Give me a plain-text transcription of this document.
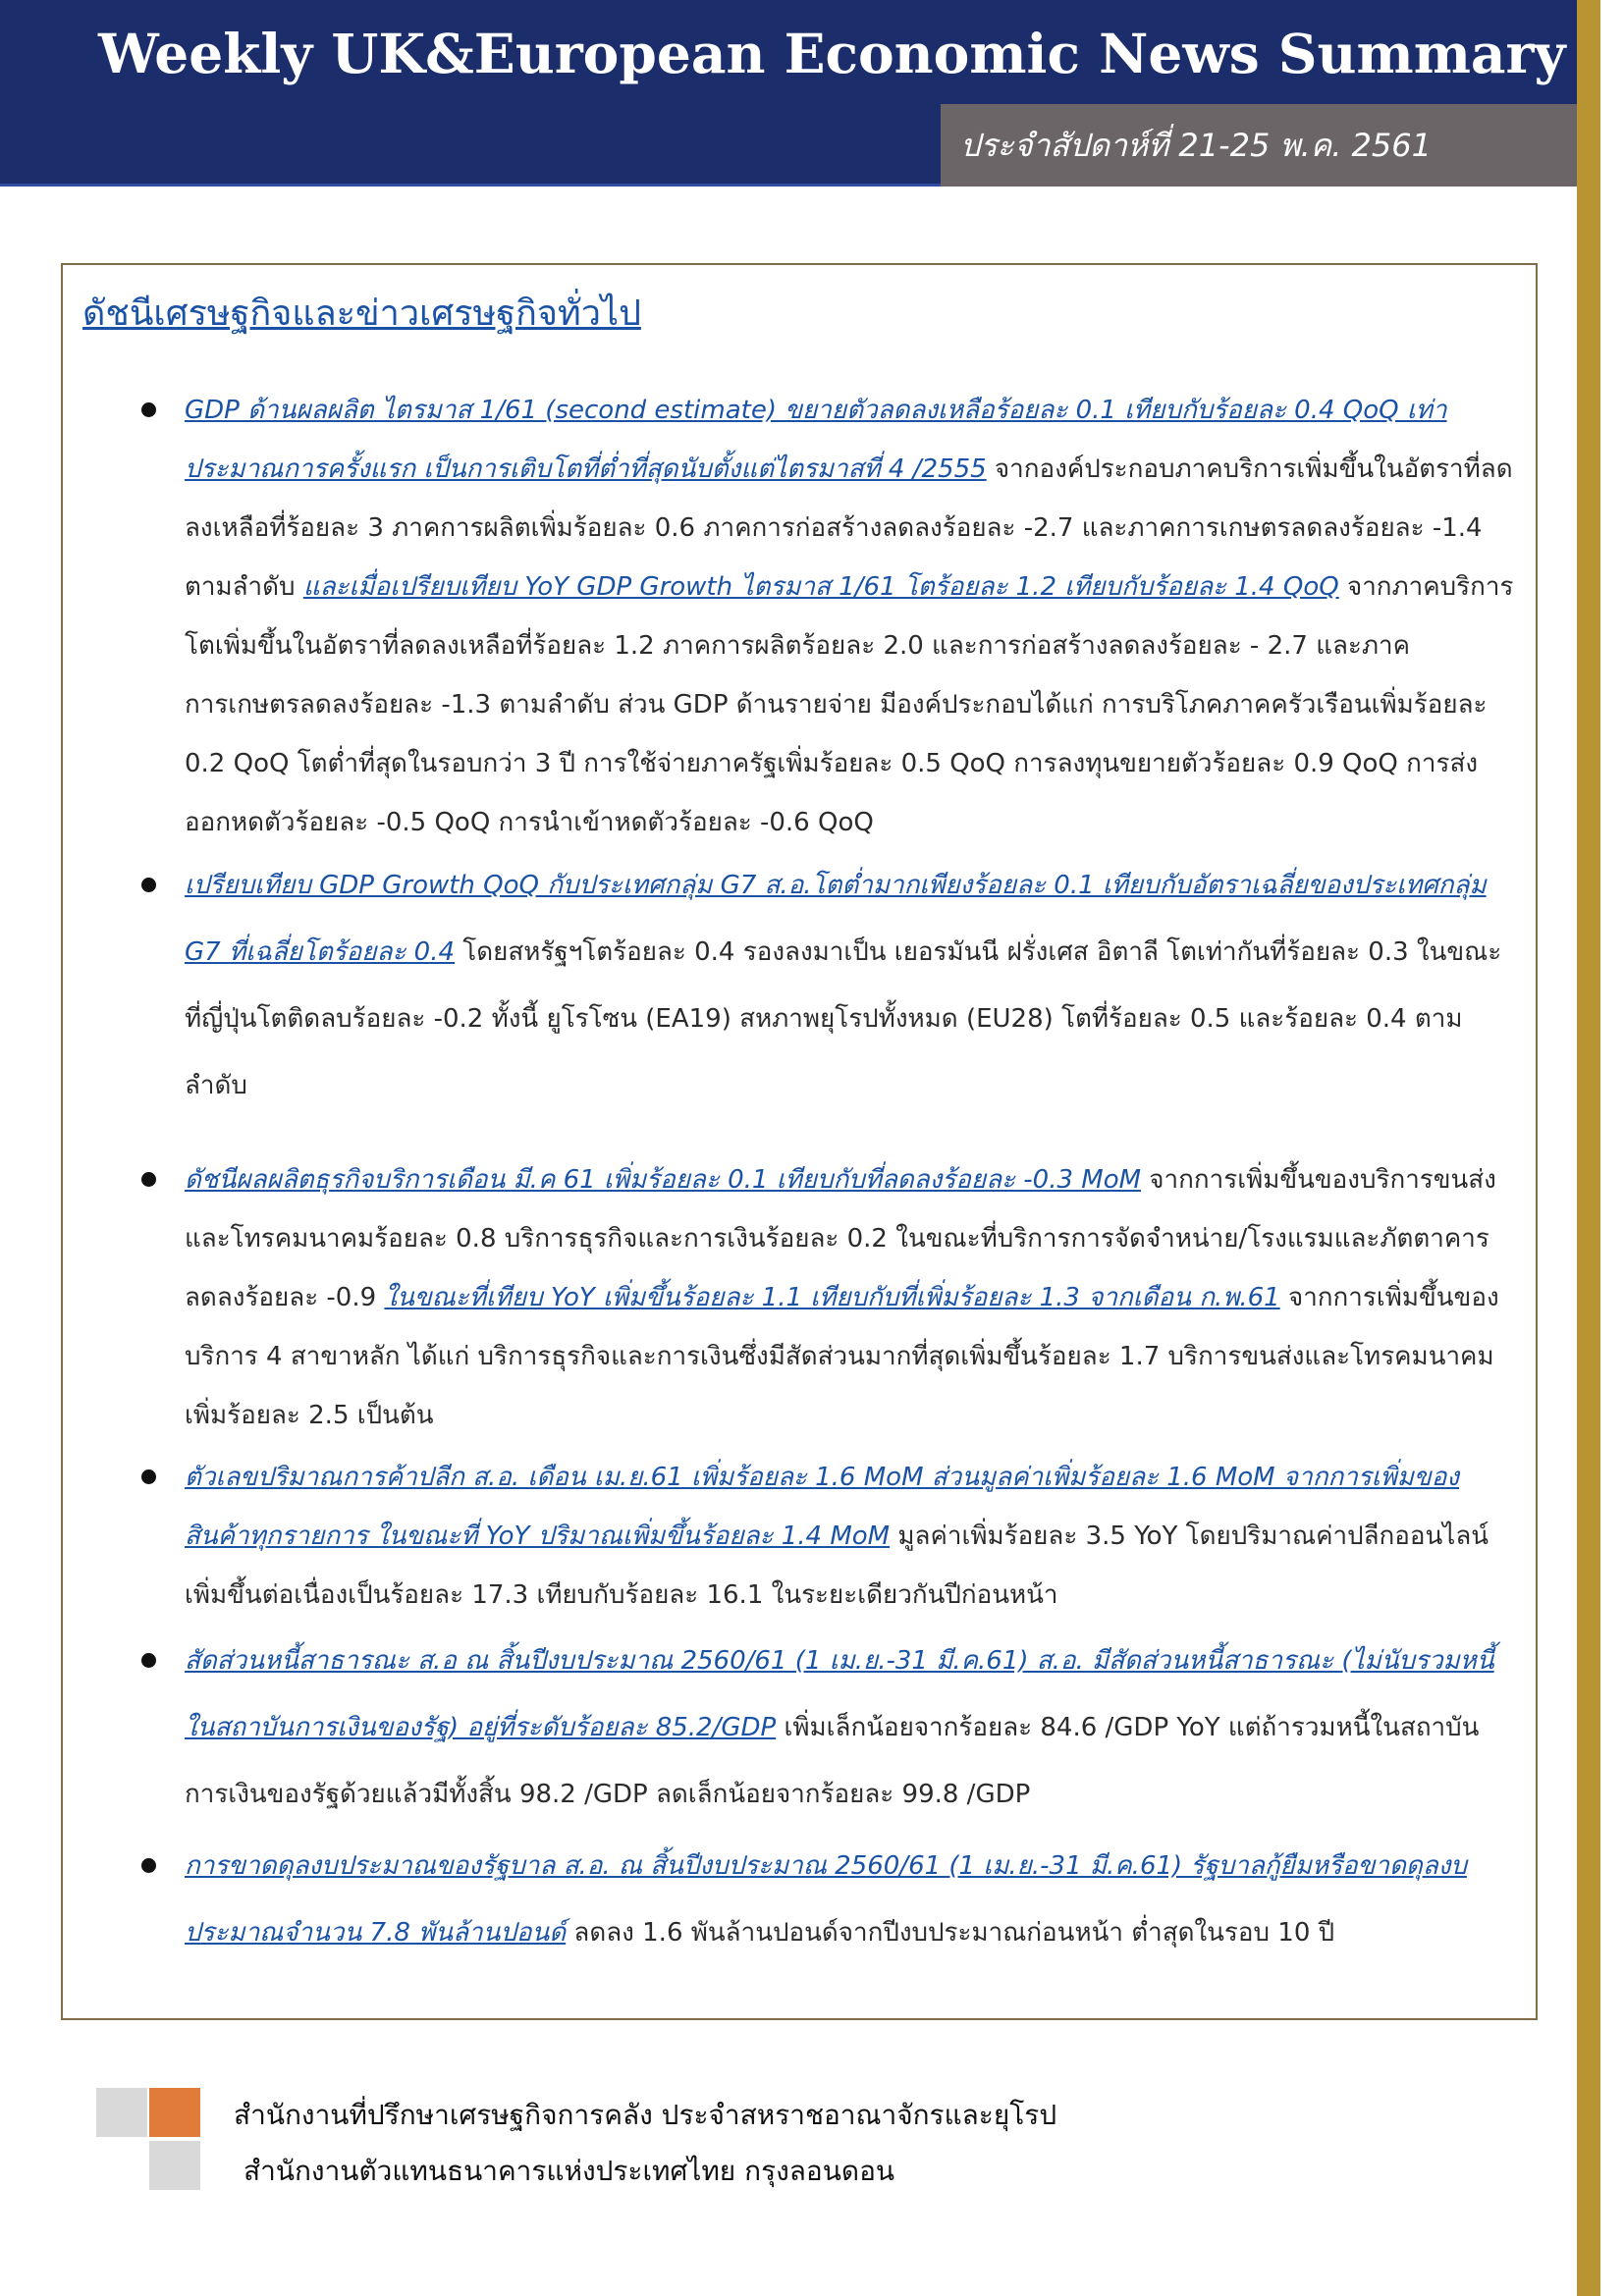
Weekly UK&European Economic News Summary
ประจำสัปดาห์ที่ 21-25 พ.ค. 2561
ดัชนีเศรษฐกิจและข่าวเศรษฐกิจทั่วไป
GDP ด้านผลผลิต ไตรมาส 1/61 (second estimate) ขยายตัวลดลงเหลือร้อยละ 0.1 เทียบกับร้อยละ 0.4 QoQ เท่าประมาณการครั้งแรก เป็นการเติบโตที่ต่ำที่สุดนับตั้งแต่ไตรมาสที่ 4 /2555 จากองค์ประกอบภาคบริการเพิ่มขึ้นในอัตราที่ลดลงเหลือที่ร้อยละ 3 ภาคการผลิตเพิ่มร้อยละ 0.6 ภาคการก่อสร้างลดลงร้อยละ -2.7 และภาคการเกษตรลดลงร้อยละ -1.4 ตามลำดับ และเมื่อเปรียบเทียบ YoY GDP Growth ไตรมาส 1/61 โตร้อยละ 1.2 เทียบกับร้อยละ 1.4 QoQ จากภาคบริการโตเพิ่มขึ้นในอัตราที่ลดลงเหลือที่ร้อยละ 1.2 ภาคการผลิตร้อยละ 2.0 และการก่อสร้างลดลงร้อยละ - 2.7 และภาคการเกษตรลดลงร้อยละ -1.3 ตามลำดับ ส่วน GDP ด้านรายจ่าย มีองค์ประกอบได้แก่ การบริโภคภาคครัวเรือนเพิ่มร้อยละ 0.2 QoQ โตต่ำที่สุดในรอบกว่า 3 ปี การใช้จ่ายภาครัฐเพิ่มร้อยละ 0.5 QoQ การลงทุนขยายตัวร้อยละ 0.9 QoQ การส่งออกหดตัวร้อยละ -0.5 QoQ การนำเข้าหดตัวร้อยละ -0.6 QoQ
เปรียบเทียบ GDP Growth QoQ กับประเทศกลุ่ม G7 ส.อ.โตต่ำมากเพียงร้อยละ 0.1 เทียบกับอัตราเฉลี่ยของประเทศกลุ่ม G7 ที่เฉลี่ยโตร้อยละ 0.4 โดยสหรัฐฯโตร้อยละ 0.4 รองลงมาเป็น เยอรมันนี ฝรั่งเศส อิตาลี โตเท่ากันที่ร้อยละ 0.3 ในขณะที่ญี่ปุ่นโตติดลบร้อยละ -0.2 ทั้งนี้ ยูโรโซน (EA19) สหภาพยุโรปทั้งหมด (EU28) โตที่ร้อยละ 0.5 และร้อยละ 0.4 ตามลำดับ
ดัชนีผลผลิตธุรกิจบริการเดือน มี.ค 61 เพิ่มร้อยละ 0.1 เทียบกับที่ลดลงร้อยละ -0.3 MoM จากการเพิ่มขึ้นของบริการขนส่งและโทรคมนาคมร้อยละ 0.8 บริการธุรกิจและการเงินร้อยละ 0.2 ในขณะที่บริการการจัดจำหน่าย/โรงแรมและภัตตาคารลดลงร้อยละ -0.9 ในขณะที่เทียบ YoY เพิ่มขึ้นร้อยละ 1.1 เทียบกับที่เพิ่มร้อยละ 1.3 จากเดือน ก.พ.61 จากการเพิ่มขึ้นของบริการ 4 สาขาหลัก ได้แก่ บริการธุรกิจและการเงินซึ่งมีสัดส่วนมากที่สุดเพิ่มขึ้นร้อยละ 1.7 บริการขนส่งและโทรคมนาคมเพิ่มร้อยละ 2.5 เป็นต้น
ตัวเลขปริมาณการค้าปลีก ส.อ. เดือน เม.ย.61 เพิ่มร้อยละ 1.6 MoM ส่วนมูลค่าเพิ่มร้อยละ 1.6 MoM จากการเพิ่มของสินค้าทุกรายการ ในขณะที่ YoY ปริมาณเพิ่มขึ้นร้อยละ 1.4 MoM มูลค่าเพิ่มร้อยละ 3.5 YoY โดยปริมาณค่าปลีกออนไลน์เพิ่มขึ้นต่อเนื่องเป็นร้อยละ 17.3 เทียบกับร้อยละ 16.1 ในระยะเดียวกันปีก่อนหน้า
สัดส่วนหนี้สาธารณะ ส.อ ณ สิ้นปีงบประมาณ 2560/61 (1 เม.ย.-31 มี.ค.61) ส.อ. มีสัดส่วนหนี้สาธารณะ (ไม่นับรวมหนี้ในสถาบันการเงินของรัฐ) อยู่ที่ระดับร้อยละ 85.2/GDP เพิ่มเล็กน้อยจากร้อยละ 84.6 /GDP YoY แต่ถ้ารวมหนี้ในสถาบันการเงินของรัฐด้วยแล้วมีทั้งสิ้น 98.2 /GDP ลดเล็กน้อยจากร้อยละ 99.8 /GDP
การขาดดุลงบประมาณของรัฐบาล ส.อ. ณ สิ้นปีงบประมาณ 2560/61 (1 เม.ย.-31 มี.ค.61) รัฐบาลกู้ยืมหรือขาดดุลงบประมาณจำนวน 7.8 พันล้านปอนด์ ลดลง 1.6 พันล้านปอนด์จากปีงบประมาณก่อนหน้า ต่ำสุดในรอบ 10 ปี
สำนักงานที่ปรึกษาเศรษฐกิจการคลัง ประจำสหราชอาณาจักรและยุโรป
สำนักงานตัวแทนธนาคารแห่งประเทศไทย กรุงลอนดอน
